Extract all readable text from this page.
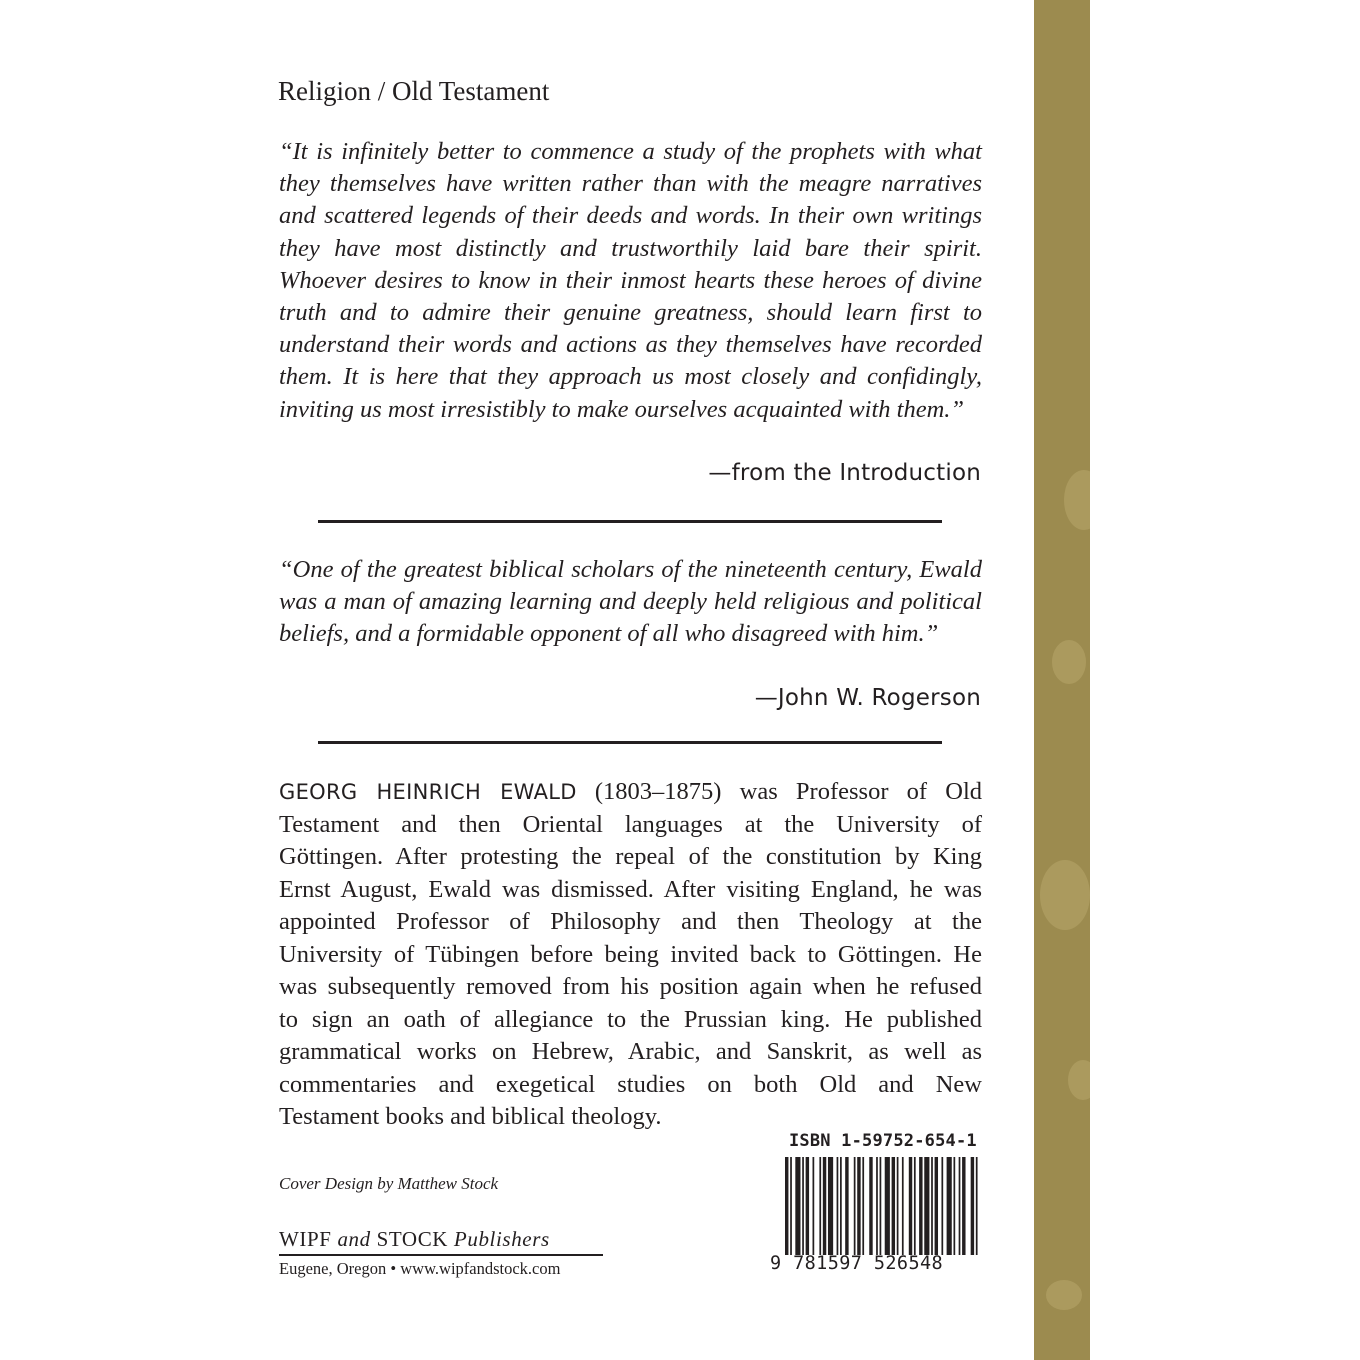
Religion / Old Testament

“It is infinitely better to commence a study of the prophets with what
they themselves have written rather than with the meagre narratives
and scattered legends of their deeds and words. In their own writings
they have most distinctly and trustworthily laid bare their spirit.
Whoever desires to know in their inmost hearts these heroes of divine
truth and to admire their genuine greatness, should learn first to
understand their words and actions as they themselves have recorded
them. It is here that they approach us most closely and confidingly,
inviting us most irresistibly to make ourselves acquainted with them.”

—from the Introduction

“One of the greatest biblical scholars of the nineteenth century, Ewald
was a man of amazing learning and deeply held religious and political
beliefs, and a formidable opponent of all who disagreed with him.”

—John W. Rogerson

GEORG HEINRICH EWALD (1803–1875) was Professor of Old
Testament and then Oriental languages at the University of
Göttingen. After protesting the repeal of the constitution by King
Ernst August, Ewald was dismissed. After visiting England, he was
appointed Professor of Philosophy and then Theology at the
University of Tübingen before being invited back to Göttingen. He
was subsequently removed from his position again when he refused
to sign an oath of allegiance to the Prussian king. He published
grammatical works on Hebrew, Arabic, and Sanskrit, as well as
commentaries and exegetical studies on both Old and New
Testament books and biblical theology.

ISBN 1-59752-654-1
9 781597 526548
Cover Design by Matthew Stock
WIPF and STOCK Publishers
Eugene, Oregon • www.wipfandstock.com
